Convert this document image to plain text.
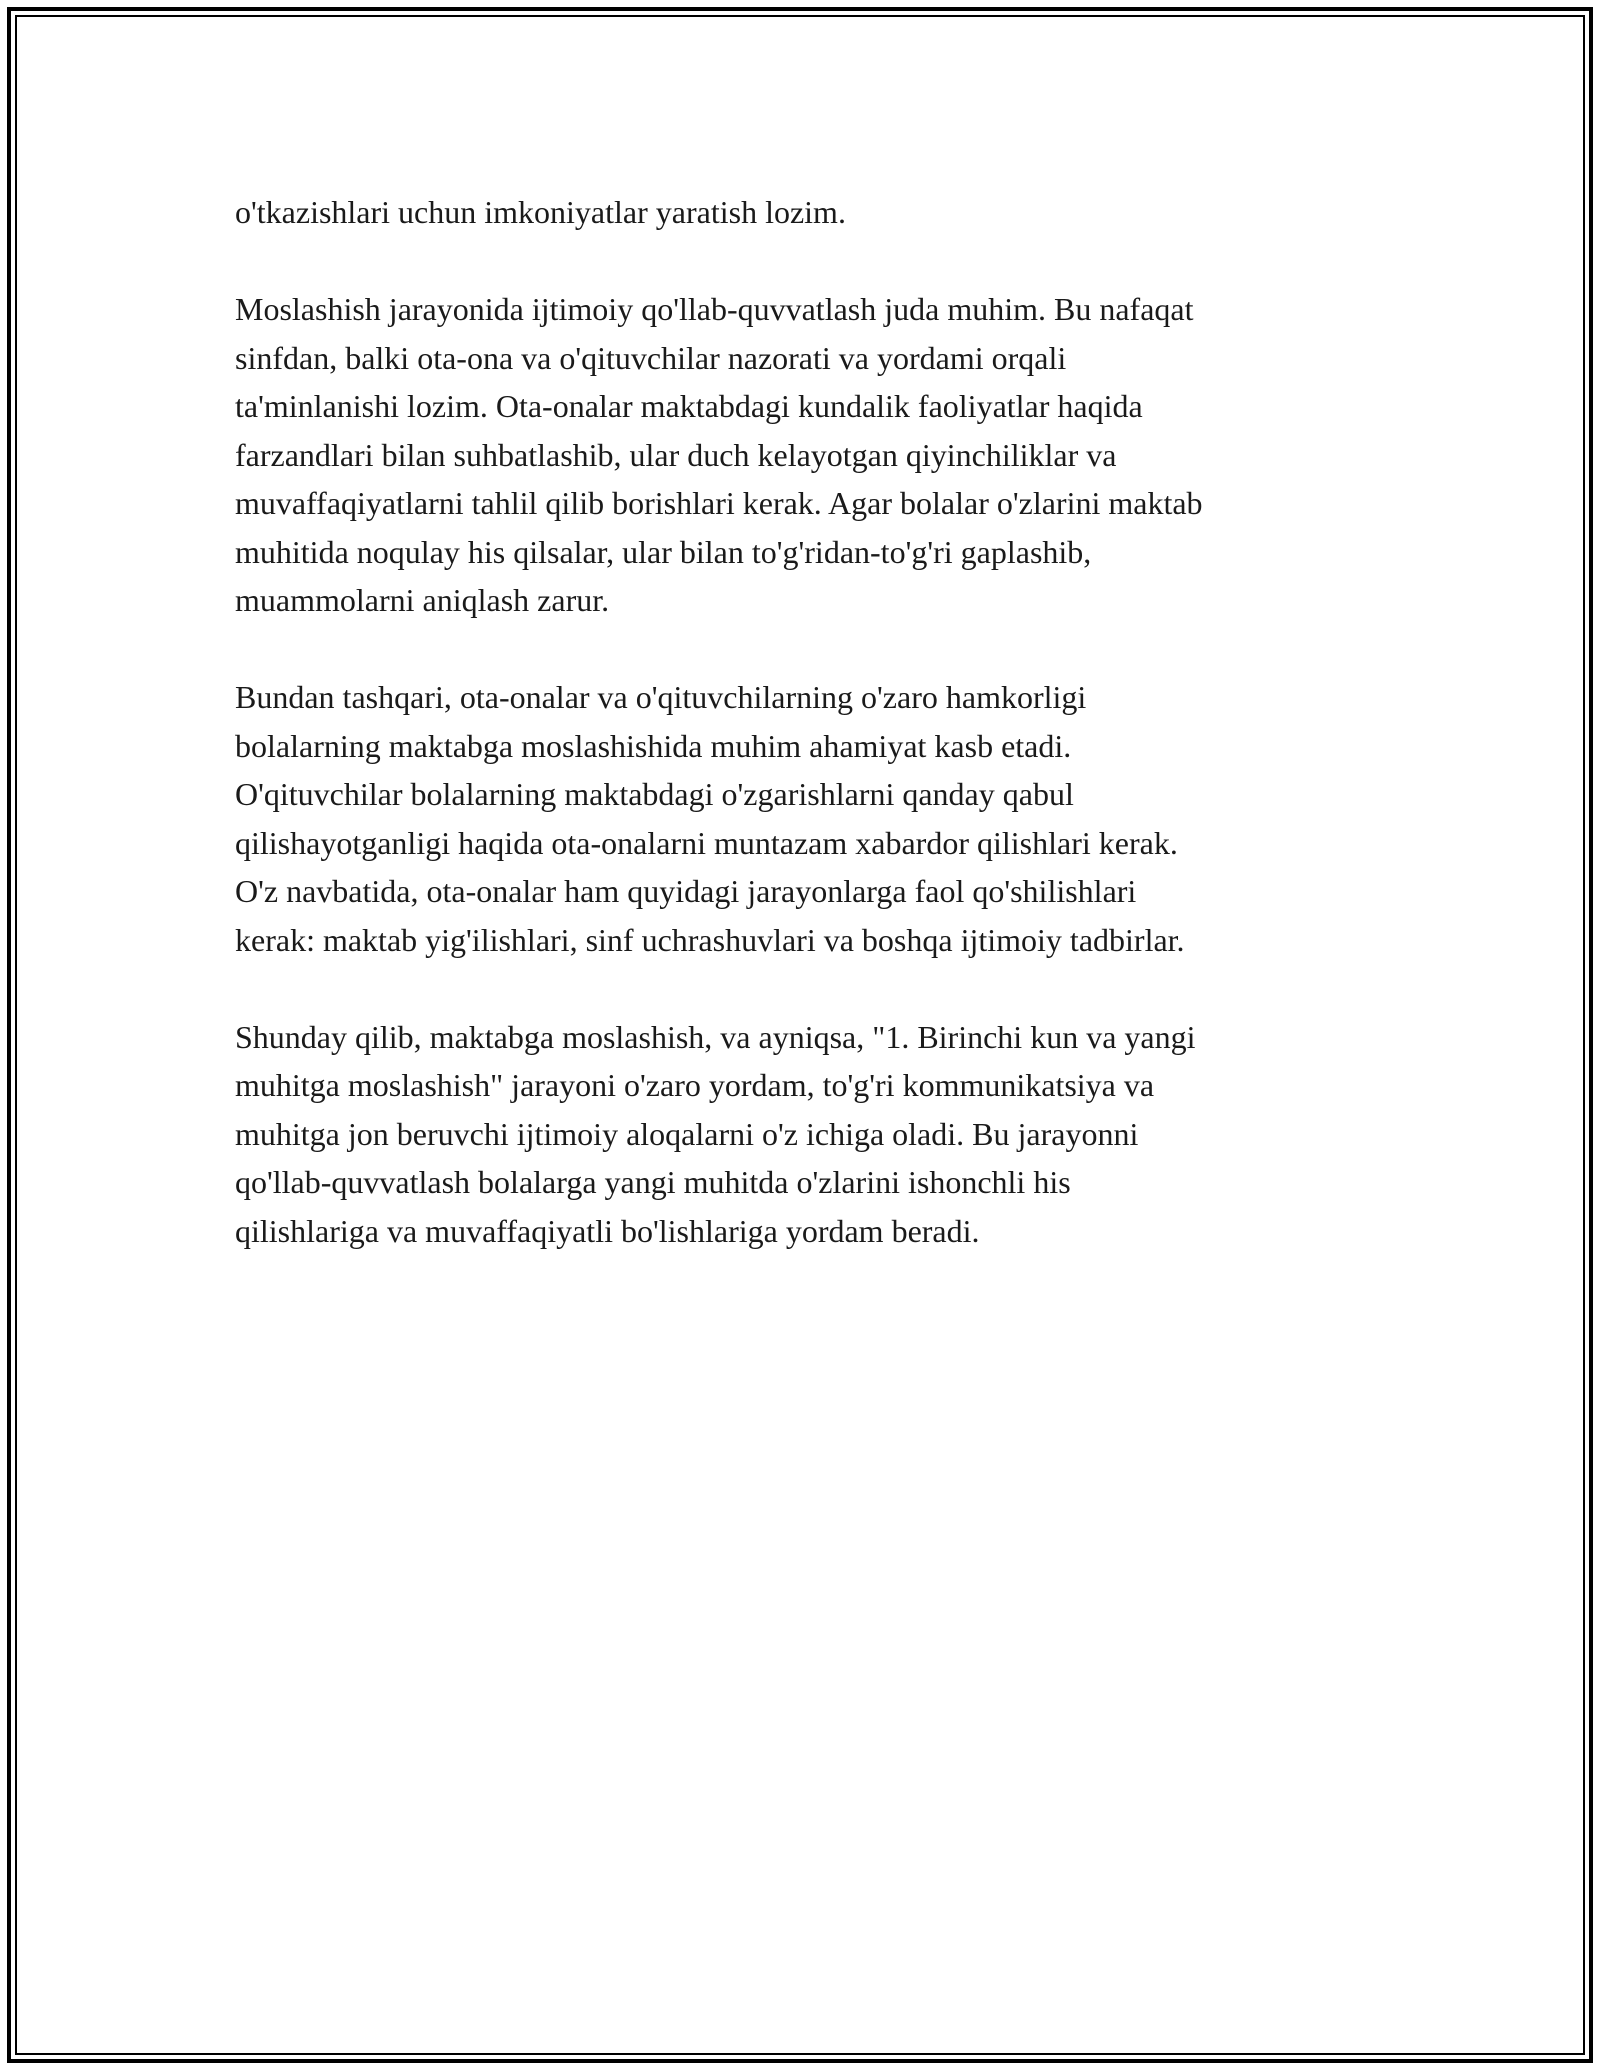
o'tkazishlari uchun imkoniyatlar yaratish lozim.

Moslashish jarayonida ijtimoiy qo'llab-quvvatlash juda muhim. Bu nafaqat
sinfdan, balki ota-ona va o'qituvchilar nazorati va yordami orqali
ta'minlanishi lozim. Ota-onalar maktabdagi kundalik faoliyatlar haqida
farzandlari bilan suhbatlashib, ular duch kelayotgan qiyinchiliklar va
muvaffaqiyatlarni tahlil qilib borishlari kerak. Agar bolalar o'zlarini maktab
muhitida noqulay his qilsalar, ular bilan to'g'ridan-to'g'ri gaplashib,
muammolarni aniqlash zarur.

Bundan tashqari, ota-onalar va o'qituvchilarning o'zaro hamkorligi
bolalarning maktabga moslashishida muhim ahamiyat kasb etadi.
O'qituvchilar bolalarning maktabdagi o'zgarishlarni qanday qabul
qilishayotganligi haqida ota-onalarni muntazam xabardor qilishlari kerak.
O'z navbatida, ota-onalar ham quyidagi jarayonlarga faol qo'shilishlari
kerak: maktab yig'ilishlari, sinf uchrashuvlari va boshqa ijtimoiy tadbirlar.

Shunday qilib, maktabga moslashish, va ayniqsa, "1. Birinchi kun va yangi
muhitga moslashish" jarayoni o'zaro yordam, to'g'ri kommunikatsiya va
muhitga jon beruvchi ijtimoiy aloqalarni o'z ichiga oladi. Bu jarayonni
qo'llab-quvvatlash bolalarga yangi muhitda o'zlarini ishonchli his
qilishlariga va muvaffaqiyatli bo'lishlariga yordam beradi.
